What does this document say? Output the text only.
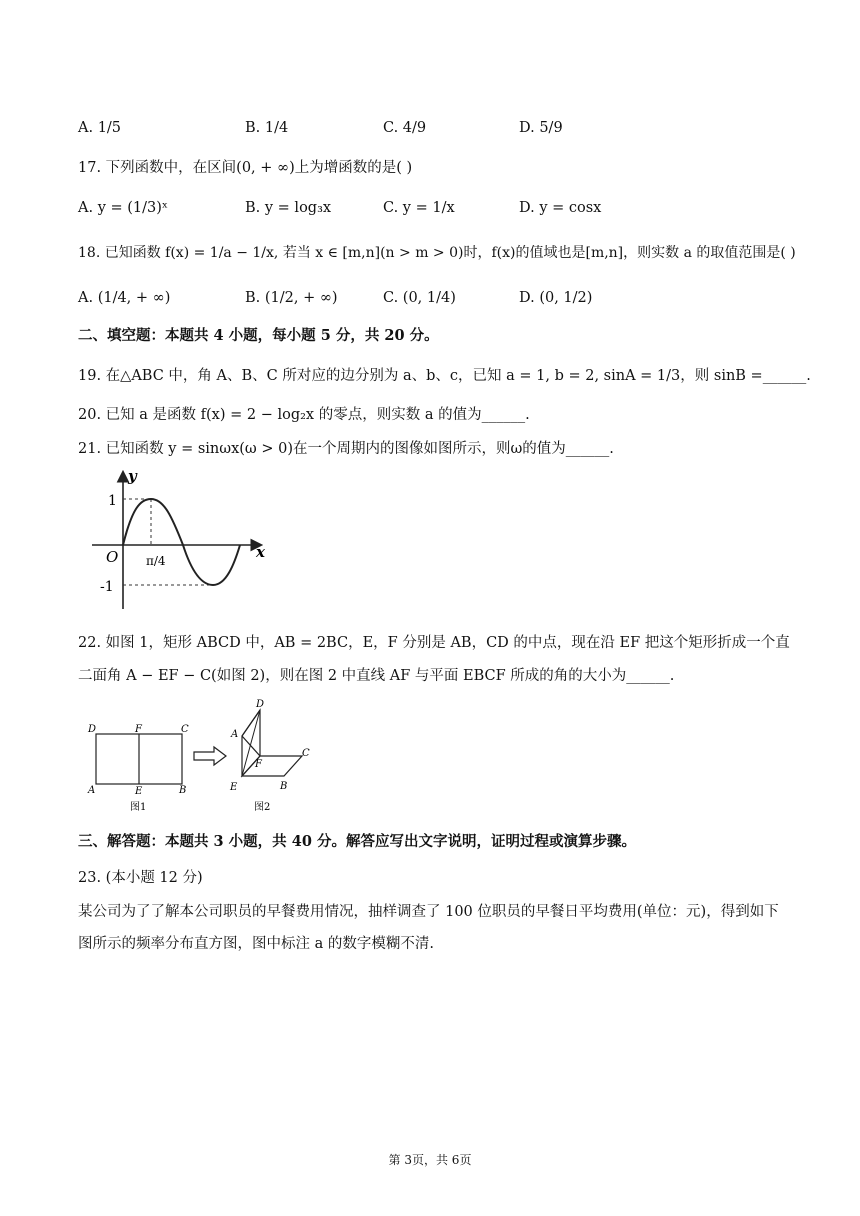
A. 1/5	B. 1/4	C. 4/9	D. 5/9
17. 下列函数中，在区间(0, + ∞)上为增函数的是( )
A. y = (1/3)ˣ	B. y = log₃x	C. y = 1/x	D. y = cosx
18. 已知函数 f(x) = 1/a − 1/x, 若当 x ∈ [m,n](n > m > 0)时，f(x)的值域也是[m,n]，则实数 a 的取值范围是( )
A. (1/4, + ∞)	B. (1/2, + ∞)	C. (0, 1/4)	D. (0, 1/2)
二、填空题：本题共 4 小题，每小题 5 分，共 20 分。
19. 在△ABC 中，角 A、B、C 所对应的边分别为 a、b、c，已知 a = 1, b = 2, sinA = 1/3，则 sinB =______.
20. 已知 a 是函数 f(x) = 2 − log₂x 的零点，则实数 a 的值为______.
21. 已知函数 y = sinωx(ω > 0)在一个周期内的图像如图所示，则ω的值为______.
y
x
O
1
-1
π/4
22. 如图 1，矩形 ABCD 中，AB = 2BC，E，F 分别是 AB，CD 的中点，现在沿 EF 把这个矩形折成一个直
二面角 A − EF − C(如图 2)，则在图 2 中直线 AF 与平面 EBCF 所成的角的大小为______.
D	F	C
A	E	B
图1
D
A
F
C
E	B
图2
三、解答题：本题共 3 小题，共 40 分。解答应写出文字说明，证明过程或演算步骤。
23. (本小题 12 分)
某公司为了了解本公司职员的早餐费用情况，抽样调查了 100 位职员的早餐日平均费用(单位：元)，得到如下图所示的频率分布直方图，图中标注 a 的数字模糊不清.
第 3页，共 6页
